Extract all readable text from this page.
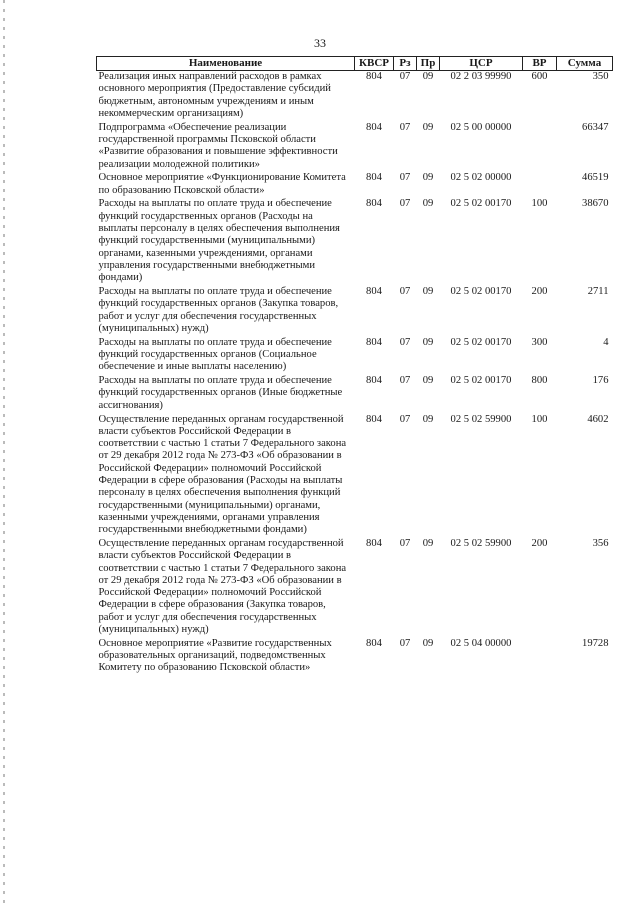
33
Наименование	КВСР	Рз	Пр	ЦСР	ВР	Сумма
Реализация иных направлений расходов в рамках основного мероприятия (Предоставление субсидий бюджетным, автономным учреждениям и иным некоммерческим организациям)	804	07	09	02 2 03 99990	600	350
Подпрограмма «Обеспечение реализации государственной программы Псковской области «Развитие образования и повышение эффективности реализации молодежной политики»	804	07	09	02 5 00 00000		66347
Основное мероприятие «Функционирование Комитета по образованию Псковской области»	804	07	09	02 5 02 00000		46519
Расходы на выплаты по оплате труда и обеспечение функций государственных органов (Расходы на выплаты персоналу в целях обеспечения выполнения функций государственными (муниципальными) органами, казенными учреждениями, органами управления государственными внебюджетными фондами)	804	07	09	02 5 02 00170	100	38670
Расходы на выплаты по оплате труда и обеспечение функций государственных органов (Закупка товаров, работ и услуг для обеспечения государственных (муниципальных) нужд)	804	07	09	02 5 02 00170	200	2711
Расходы на выплаты по оплате труда и обеспечение функций государственных органов (Социальное обеспечение и иные выплаты населению)	804	07	09	02 5 02 00170	300	4
Расходы на выплаты по оплате труда и обеспечение функций государственных органов (Иные бюджетные ассигнования)	804	07	09	02 5 02 00170	800	176
Осуществление переданных органам государственной власти субъектов Российской Федерации в соответствии с частью 1 статьи 7 Федерального закона от 29 декабря 2012 года № 273-ФЗ «Об образовании в Российской Федерации» полномочий Российской Федерации в сфере образования (Расходы на выплаты персоналу в целях обеспечения выполнения функций государственными (муниципальными) органами, казенными учреждениями, органами управления государственными внебюджетными фондами)	804	07	09	02 5 02 59900	100	4602
Осуществление переданных органам государственной власти субъектов Российской Федерации в соответствии с частью 1 статьи 7 Федерального закона от 29 декабря 2012 года № 273-ФЗ «Об образовании в Российской Федерации» полномочий Российской Федерации в сфере образования (Закупка товаров, работ и услуг для обеспечения государственных (муниципальных) нужд)	804	07	09	02 5 02 59900	200	356
Основное мероприятие «Развитие государственных образовательных организаций, подведомственных Комитету по образованию Псковской области»	804	07	09	02 5 04 00000		19728
